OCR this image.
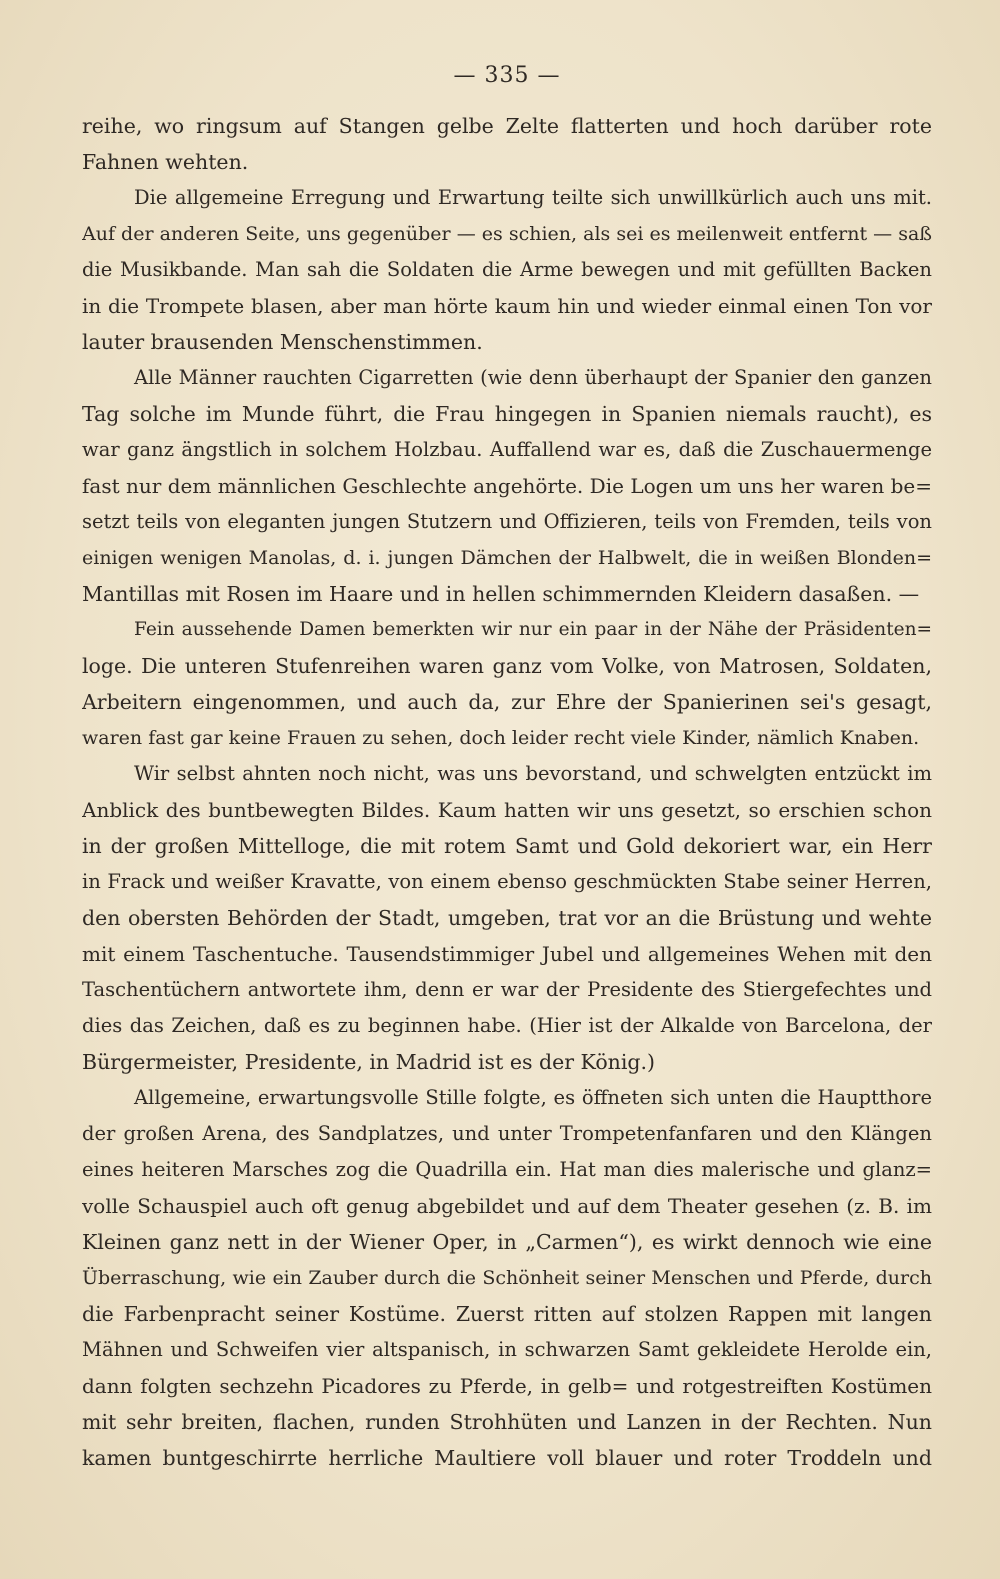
— 335 —
reihe, wo ringsum auf Stangen gelbe Zelte flatterten und hoch darüber rote
Fahnen wehten.
Die allgemeine Erregung und Erwartung teilte sich unwillkürlich auch uns mit.
Auf der anderen Seite, uns gegenüber — es schien, als sei es meilenweit entfernt — saß
die Musikbande. Man sah die Soldaten die Arme bewegen und mit gefüllten Backen
in die Trompete blasen, aber man hörte kaum hin und wieder einmal einen Ton vor
lauter brausenden Menschenstimmen.
Alle Männer rauchten Cigarretten (wie denn überhaupt der Spanier den ganzen
Tag solche im Munde führt, die Frau hingegen in Spanien niemals raucht), es
war ganz ängstlich in solchem Holzbau. Auffallend war es, daß die Zuschauermenge
fast nur dem männlichen Geschlechte angehörte. Die Logen um uns her waren be=
setzt teils von eleganten jungen Stutzern und Offizieren, teils von Fremden, teils von
einigen wenigen Manolas, d. i. jungen Dämchen der Halbwelt, die in weißen Blonden=
Mantillas mit Rosen im Haare und in hellen schimmernden Kleidern dasaßen. —
Fein aussehende Damen bemerkten wir nur ein paar in der Nähe der Präsidenten=
loge. Die unteren Stufenreihen waren ganz vom Volke, von Matrosen, Soldaten,
Arbeitern eingenommen, und auch da, zur Ehre der Spanierinen sei's gesagt,
waren fast gar keine Frauen zu sehen, doch leider recht viele Kinder, nämlich Knaben.
Wir selbst ahnten noch nicht, was uns bevorstand, und schwelgten entzückt im
Anblick des buntbewegten Bildes. Kaum hatten wir uns gesetzt, so erschien schon
in der großen Mittelloge, die mit rotem Samt und Gold dekoriert war, ein Herr
in Frack und weißer Kravatte, von einem ebenso geschmückten Stabe seiner Herren,
den obersten Behörden der Stadt, umgeben, trat vor an die Brüstung und wehte
mit einem Taschentuche. Tausendstimmiger Jubel und allgemeines Wehen mit den
Taschentüchern antwortete ihm, denn er war der Presidente des Stiergefechtes und
dies das Zeichen, daß es zu beginnen habe. (Hier ist der Alkalde von Barcelona, der
Bürgermeister, Presidente, in Madrid ist es der König.)
Allgemeine, erwartungsvolle Stille folgte, es öffneten sich unten die Hauptthore
der großen Arena, des Sandplatzes, und unter Trompetenfanfaren und den Klängen
eines heiteren Marsches zog die Quadrilla ein. Hat man dies malerische und glanz=
volle Schauspiel auch oft genug abgebildet und auf dem Theater gesehen (z. B. im
Kleinen ganz nett in der Wiener Oper, in „Carmen“), es wirkt dennoch wie eine
Überraschung, wie ein Zauber durch die Schönheit seiner Menschen und Pferde, durch
die Farbenpracht seiner Kostüme. Zuerst ritten auf stolzen Rappen mit langen
Mähnen und Schweifen vier altspanisch, in schwarzen Samt gekleidete Herolde ein,
dann folgten sechzehn Picadores zu Pferde, in gelb= und rotgestreiften Kostümen
mit sehr breiten, flachen, runden Strohhüten und Lanzen in der Rechten. Nun
kamen buntgeschirrte herrliche Maultiere voll blauer und roter Troddeln und
